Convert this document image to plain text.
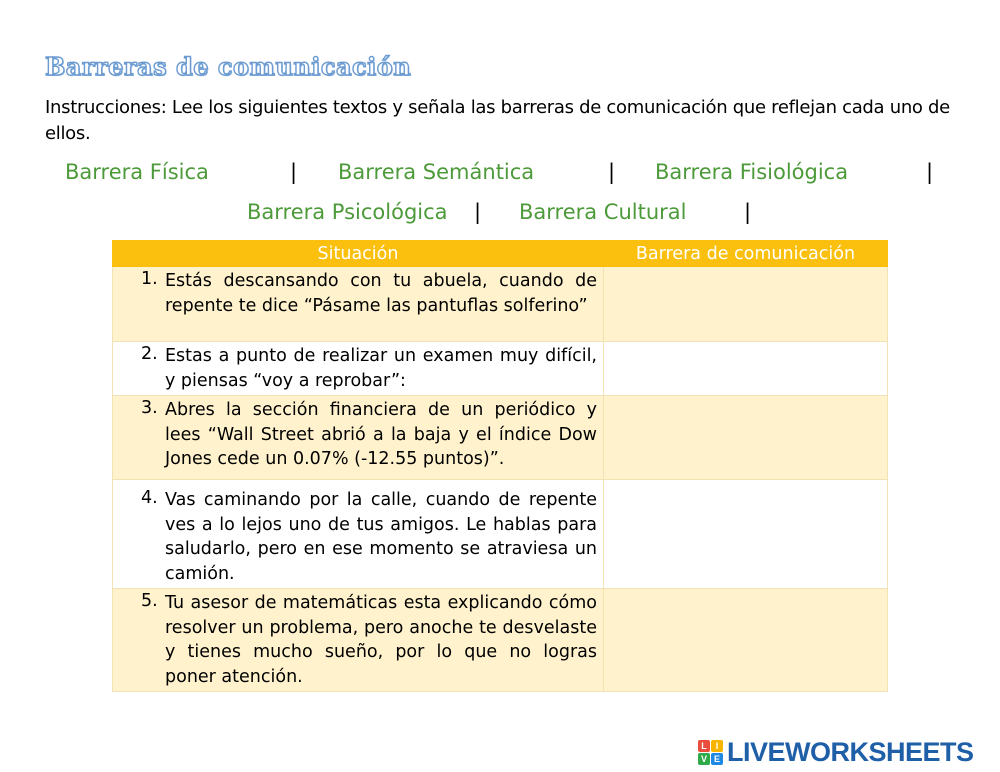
Barreras de comunicación

Instrucciones: Lee los siguientes textos y señala las barreras de comunicación que reflejan cada uno de ellos.

Barrera Física	| Barrera Semántica	| Barrera Fisiológica	|
Barrera Psicológica | Barrera Cultural	|
Situación	Barrera de comunicación

1. Estás descansando con tu abuela, cuando de repente te dice “Pásame las pantuflas solferino”	

2. Estas a punto de realizar un examen muy difícil, y piensas “voy a reprobar”:	

3. Abres la sección financiera de un periódico y lees “Wall Street abrió a la baja y el índice Dow Jones cede un 0.07% (-12.55 puntos)”.	

4. Vas caminando por la calle, cuando de repente ves a lo lejos uno de tus amigos. Le hablas para saludarlo, pero en ese momento se atraviesa un camión.	

5. Tu asesor de matemáticas esta explicando cómo resolver un problema, pero anoche te desvelaste y tienes mucho sueño, por lo que no logras poner atención.	

L I
V E LIVEWORKSHEETS
